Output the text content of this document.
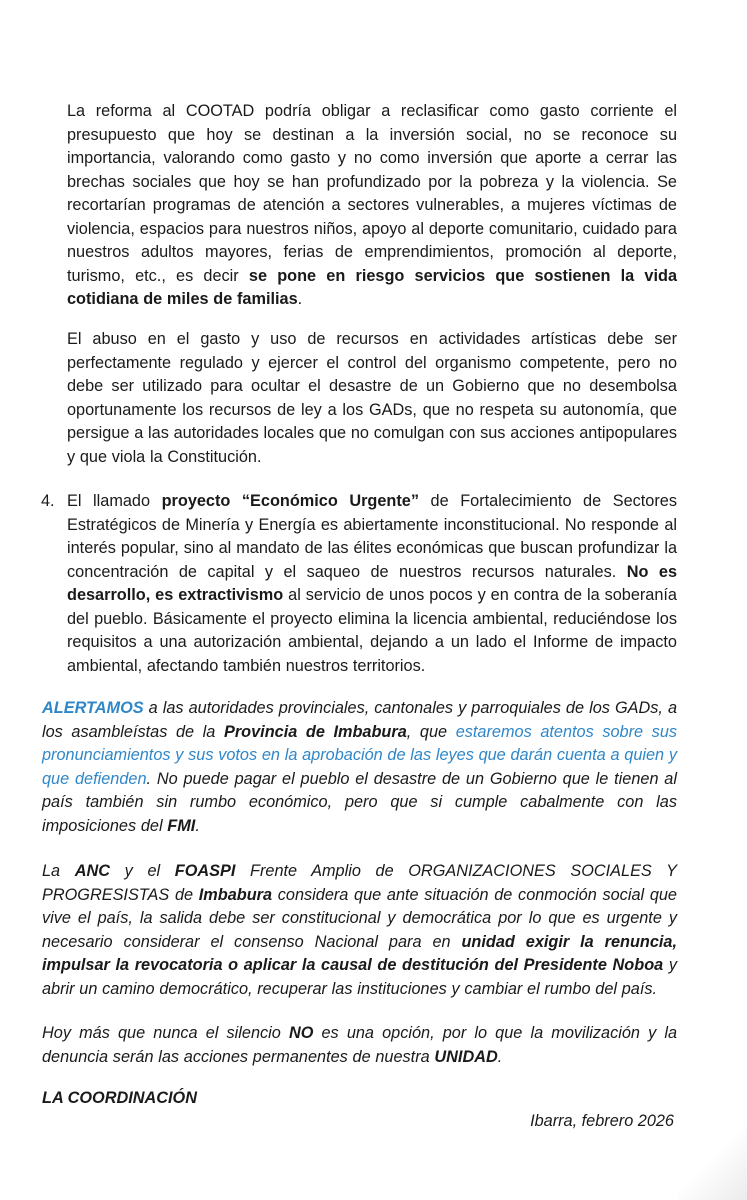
La reforma al COOTAD podría obligar a reclasificar como gasto corriente el presupuesto que hoy se destinan a la inversión social, no se reconoce su importancia, valorando como gasto y no como inversión que aporte a cerrar las brechas sociales que hoy se han profundizado por la pobreza y la violencia. Se recortarían programas de atención a sectores vulnerables, a mujeres víctimas de violencia, espacios para nuestros niños, apoyo al deporte comunitario, cuidado para nuestros adultos mayores, ferias de emprendimientos, promoción al deporte, turismo, etc., es decir se pone en riesgo servicios que sostienen la vida cotidiana de miles de familias.

El abuso en el gasto y uso de recursos en actividades artísticas debe ser perfectamente regulado y ejercer el control del organismo competente, pero no debe ser utilizado para ocultar el desastre de un Gobierno que no desembolsa oportunamente los recursos de ley a los GADs, que no respeta su autonomía, que persigue a las autoridades locales que no comulgan con sus acciones antipopulares y que viola la Constitución.

4. El llamado proyecto “Económico Urgente” de Fortalecimiento de Sectores Estratégicos de Minería y Energía es abiertamente inconstitucional. No responde al interés popular, sino al mandato de las élites económicas que buscan profundizar la concentración de capital y el saqueo de nuestros recursos naturales. No es desarrollo, es extractivismo al servicio de unos pocos y en contra de la soberanía del pueblo. Básicamente el proyecto elimina la licencia ambiental, reduciéndose los requisitos a una autorización ambiental, dejando a un lado el Informe de impacto ambiental, afectando también nuestros territorios.

ALERTAMOS a las autoridades provinciales, cantonales y parroquiales de los GADs, a los asambleístas de la Provincia de Imbabura, que estaremos atentos sobre sus pronunciamientos y sus votos en la aprobación de las leyes que darán cuenta a quien y que defienden. No puede pagar el pueblo el desastre de un Gobierno que le tienen al país también sin rumbo económico, pero que si cumple cabalmente con las imposiciones del FMI.

La ANC y el FOASPI Frente Amplio de ORGANIZACIONES SOCIALES Y PROGRESISTAS de Imbabura considera que ante situación de conmoción social que vive el país, la salida debe ser constitucional y democrática por lo que es urgente y necesario considerar el consenso Nacional para en unidad exigir la renuncia, impulsar la revocatoria o aplicar la causal de destitución del Presidente Noboa y abrir un camino democrático, recuperar las instituciones y cambiar el rumbo del país.

Hoy más que nunca el silencio NO es una opción, por lo que la movilización y la denuncia serán las acciones permanentes de nuestra UNIDAD.

LA COORDINACIÓN
Ibarra, febrero 2026
